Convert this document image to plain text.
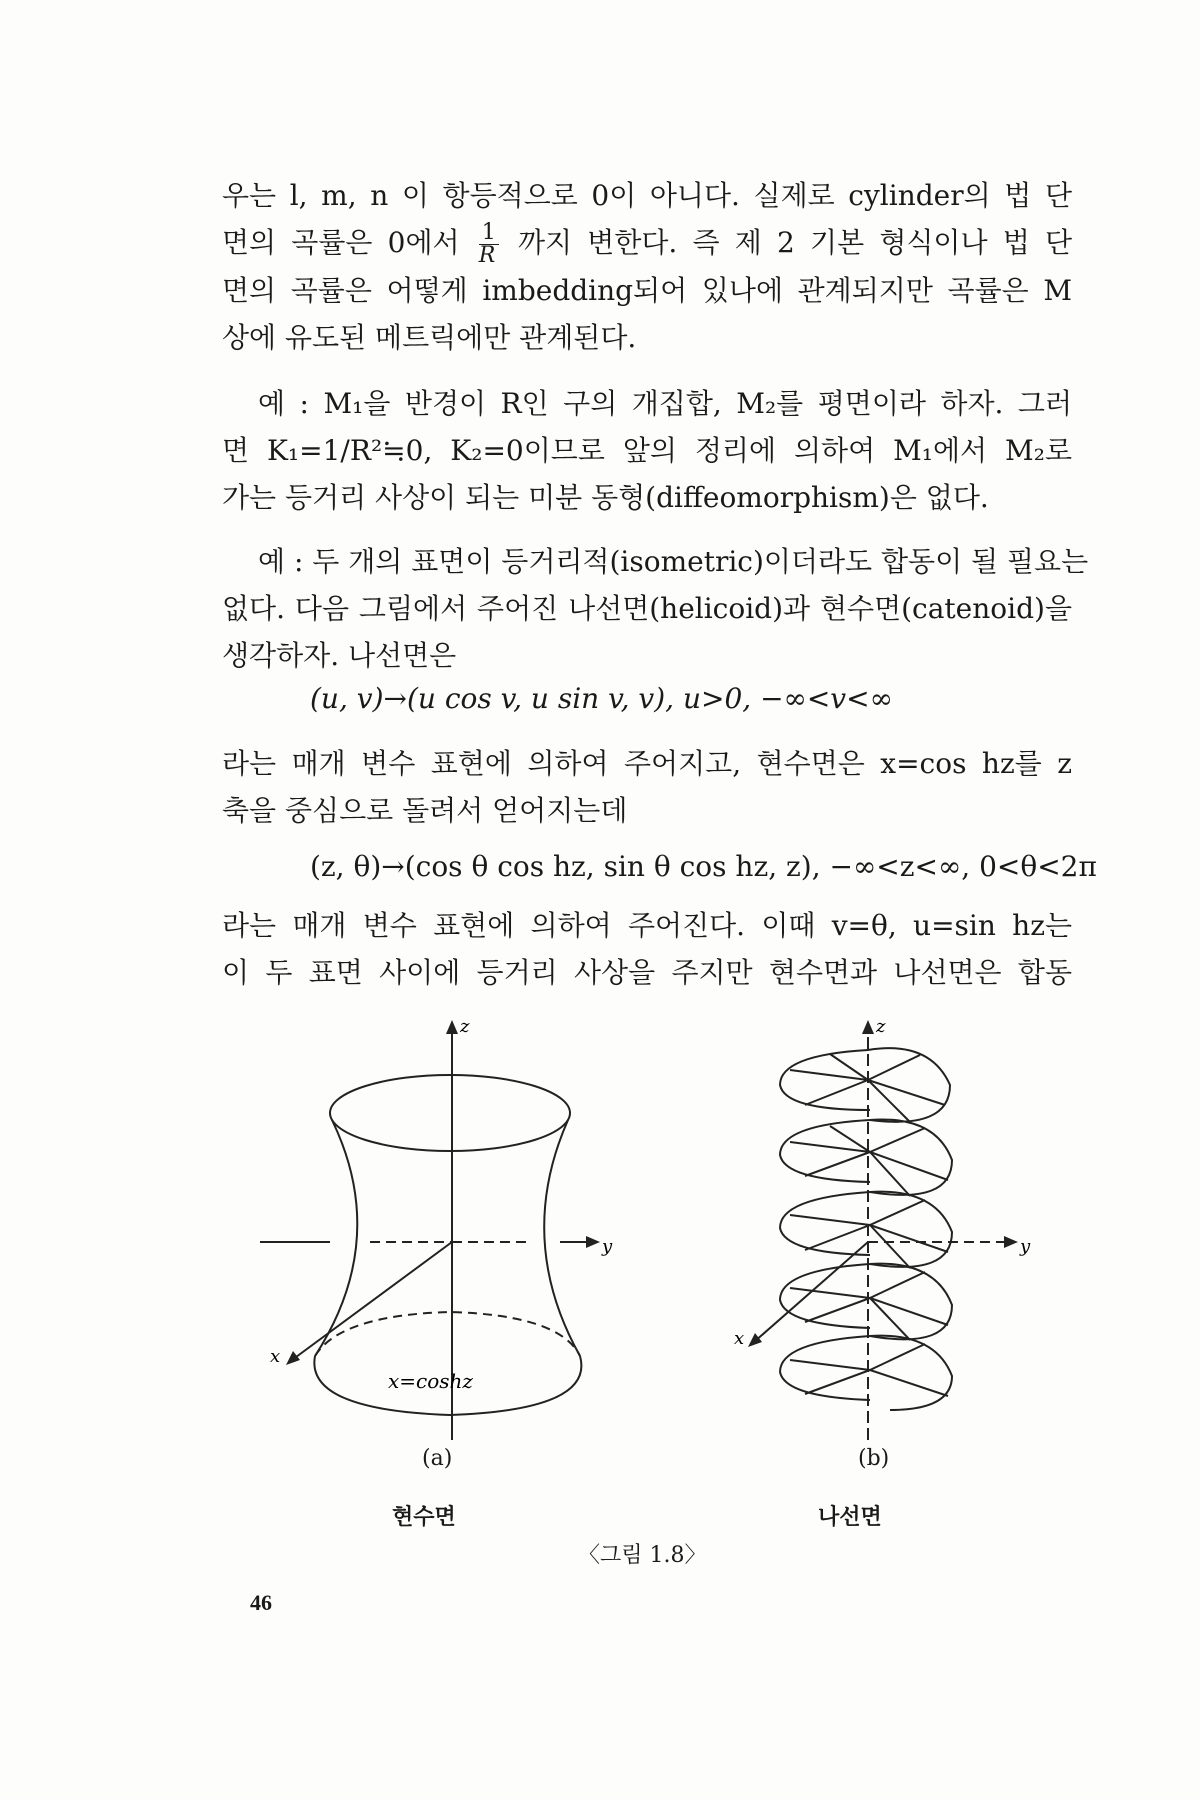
우는 l, m, n 이 항등적으로 0이 아니다. 실제로 cylinder의 법 단
면의 곡률은 0에서 $\frac{1}{R}$ 까지 변한다. 즉 제 2 기본 형식이나 법 단
면의 곡률은 어떻게 imbedding되어 있나에 관계되지만 곡률은 M
상에 유도된 메트릭에만 관계된다.
예 : M₁을 반경이 R인 구의 개집합, M₂를 평면이라 하자. 그러
면 K₁=1/R²≒0, K₂=0이므로 앞의 정리에 의하여 M₁에서 M₂로
가는 등거리 사상이 되는 미분 동형(diffeomorphism)은 없다.
예 : 두 개의 표면이 등거리적(isometric)이더라도 합동이 될 필요는
없다. 다음 그림에서 주어진 나선면(helicoid)과 현수면(catenoid)을
생각하자. 나선면은
(u, v)→(u cos v, u sin v, v), u>0, −∞<v<∞
라는 매개 변수 표현에 의하여 주어지고, 현수면은 x=cos hz를 z
축을 중심으로 돌려서 얻어지는데
(z, θ)→(cos θ cos hz, sin θ cos hz, z), −∞<z<∞, 0<θ<2π
라는 매개 변수 표현에 의하여 주어진다. 이때 v=θ, u=sin hz는
이 두 표면 사이에 등거리 사상을 주지만 현수면과 나선면은 합동
z
y
x
x=coshz
z
y
x
(a)	(b)
현수면	나선면
〈그림 1.8〉
46
